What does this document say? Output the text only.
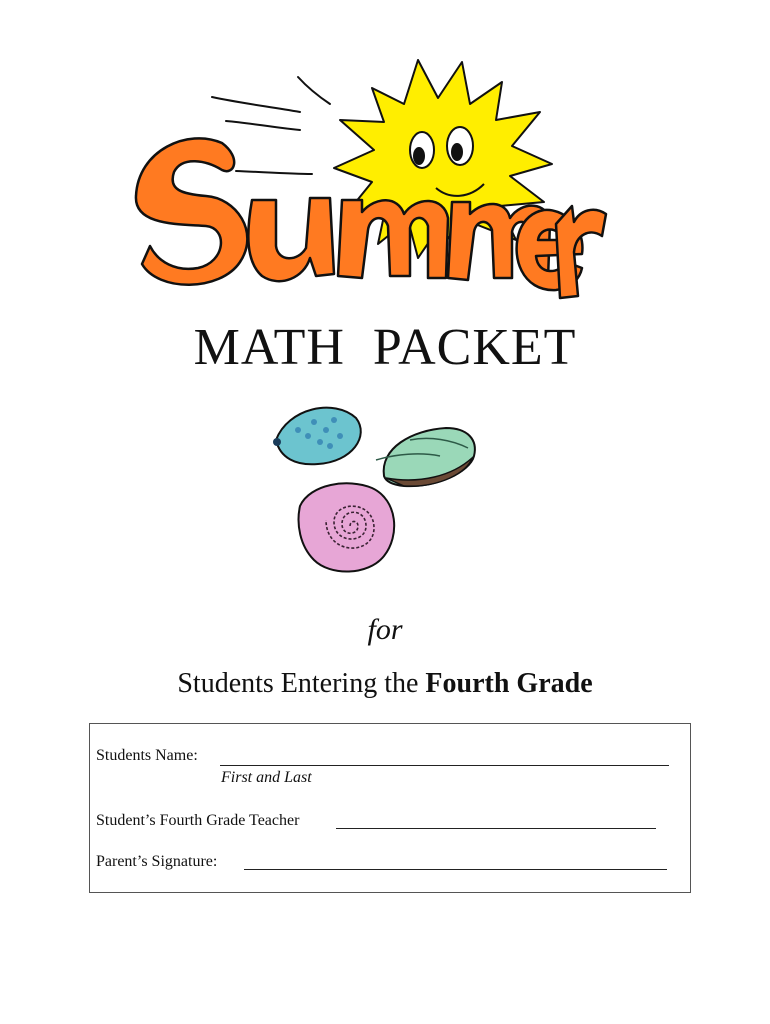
MATH PACKET
for
Students Entering the Fourth Grade
Students Name:
First and Last
Student’s Fourth Grade Teacher
Parent’s Signature:
